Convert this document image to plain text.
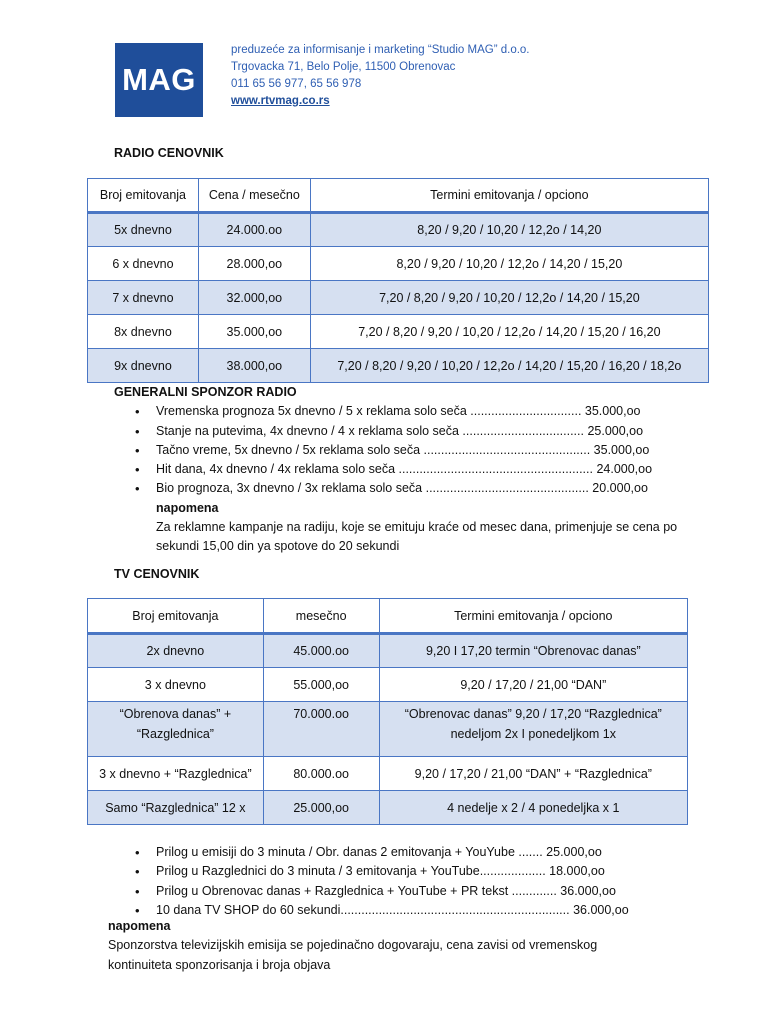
MAG
preduzeće za informisanje i marketing “Studio MAG” d.o.o.
Trgovacka 71, Belo Polje, 11500 Obrenovac
011 65 56 977, 65 56 978
www.rtvmag.co.rs
RADIO CENOVNIK
Broj emitovanja	Cena / mesečno	Termini emitovanja / opciono
5x dnevno	24.000.oo	8,20 / 9,20 / 10,20 / 12,2o / 14,20
6 x dnevno	28.000,oo	8,20 / 9,20 / 10,20 / 12,2o / 14,20 / 15,20
7 x dnevno	32.000,oo	7,20 / 8,20 / 9,20 / 10,20 / 12,2o / 14,20 / 15,20
8x dnevno	35.000,oo	7,20 / 8,20 / 9,20 / 10,20 / 12,2o / 14,20 / 15,20 / 16,20
9x dnevno	38.000,oo	7,20 / 8,20 / 9,20 / 10,20 / 12,2o / 14,20 / 15,20 / 16,20 / 18,2o
GENERALNI SPONZOR RADIO
• Vremenska prognoza 5x dnevno / 5 x reklama solo seča ................................ 35.000,oo
• Stanje na putevima, 4x dnevno / 4 x reklama solo seča ................................... 25.000,oo
• Tačno vreme, 5x dnevno / 5x reklama solo seča ................................................ 35.000,oo
• Hit dana, 4x dnevno / 4x reklama solo seča ........................................................ 24.000,oo
• Bio prognoza, 3x dnevno / 3x reklama solo seča ............................................... 20.000,oo
napomena
Za reklamne kampanje na radiju, koje se emituju kraće od mesec dana, primenjuje se cena po sekundi 15,00 din ya spotove do 20 sekundi
TV CENOVNIK
Broj emitovanja	mesečno	Termini emitovanja / opciono
2x dnevno	45.000.oo	9,20 I 17,20 termin “Obrenovac danas”
3 x dnevno	55.000,oo	9,20 / 17,20 / 21,00 “DAN”
“Obrenova danas” + “Razglednica”	70.000.oo	“Obrenovac danas” 9,20 / 17,20 “Razglednica” nedeljom 2x I ponedeljkom 1x
3 x dnevno + “Razglednica”	80.000.oo	9,20 / 17,20 / 21,00 “DAN” + “Razglednica”
Samo “Razglednica” 12 x	25.000,oo	4 nedelje x 2 / 4 ponedeljka x 1
• Prilog u emisiji do 3 minuta / Obr. danas 2 emitovanja + YouYube ....... 25.000,oo
• Prilog u Razglednici do 3 minuta / 3 emitovanja + YouTube................... 18.000,oo
• Prilog u Obrenovac danas + Razglednica + YouTube + PR tekst ............. 36.000,oo
• 10 dana TV SHOP do 60 sekundi.................................................................. 36.000,oo
napomena
Sponzorstva televizijskih emisija se pojedinačno dogovaraju, cena zavisi od vremenskog kontinuiteta sponzorisanja i broja objava
